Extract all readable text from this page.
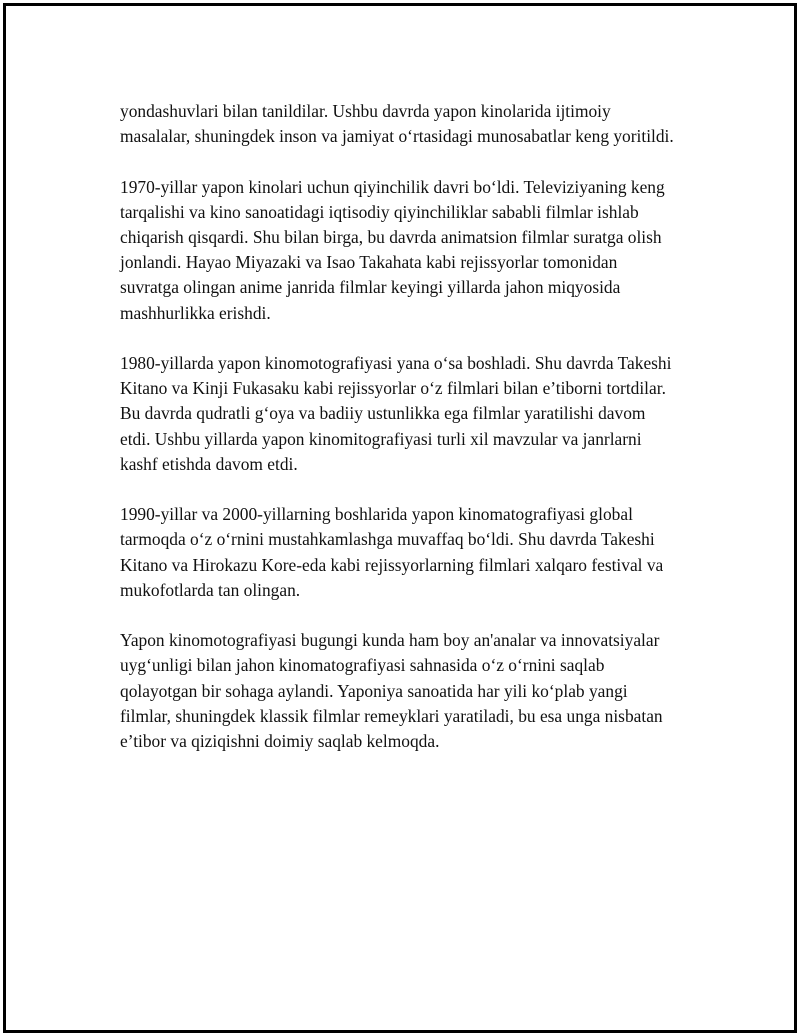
yondashuvlari bilan tanildilar. Ushbu davrda yapon kinolarida ijtimoiy masalalar, shuningdek inson va jamiyat o‘rtasidagi munosabatlar keng yoritildi.

1970-yillar yapon kinolari uchun qiyinchilik davri bo‘ldi. Televiziyaning keng tarqalishi va kino sanoatidagi iqtisodiy qiyinchiliklar sababli filmlar ishlab chiqarish qisqardi. Shu bilan birga, bu davrda animatsion filmlar suratga olish jonlandi. Hayao Miyazaki va Isao Takahata kabi rejissyorlar tomonidan suvratga olingan anime janrida filmlar keyingi yillarda jahon miqyosida mashhurlikka erishdi.

1980-yillarda yapon kinomotografiyasi yana o‘sa boshladi. Shu davrda Takeshi Kitano va Kinji Fukasaku kabi rejissyorlar o‘z filmlari bilan e’tiborni tortdilar. Bu davrda qudratli g‘oya va badiiy ustunlikka ega filmlar yaratilishi davom etdi. Ushbu yillarda yapon kinomitografiyasi turli xil mavzular va janrlarni kashf etishda davom etdi.

1990-yillar va 2000-yillarning boshlarida yapon kinomatografiyasi global tarmoqda o‘z o‘rnini mustahkamlashga muvaffaq bo‘ldi. Shu davrda Takeshi Kitano va Hirokazu Kore-eda kabi rejissyorlarning filmlari xalqaro festival va mukofotlarda tan olingan.

Yapon kinomotografiyasi bugungi kunda ham boy an'analar va innovatsiyalar uyg‘unligi bilan jahon kinomatografiyasi sahnasida o‘z o‘rnini saqlab qolayotgan bir sohaga aylandi. Yaponiya sanoatida har yili ko‘plab yangi filmlar, shuningdek klassik filmlar remeyklari yaratiladi, bu esa unga nisbatan e’tibor va qiziqishni doimiy saqlab kelmoqda.
